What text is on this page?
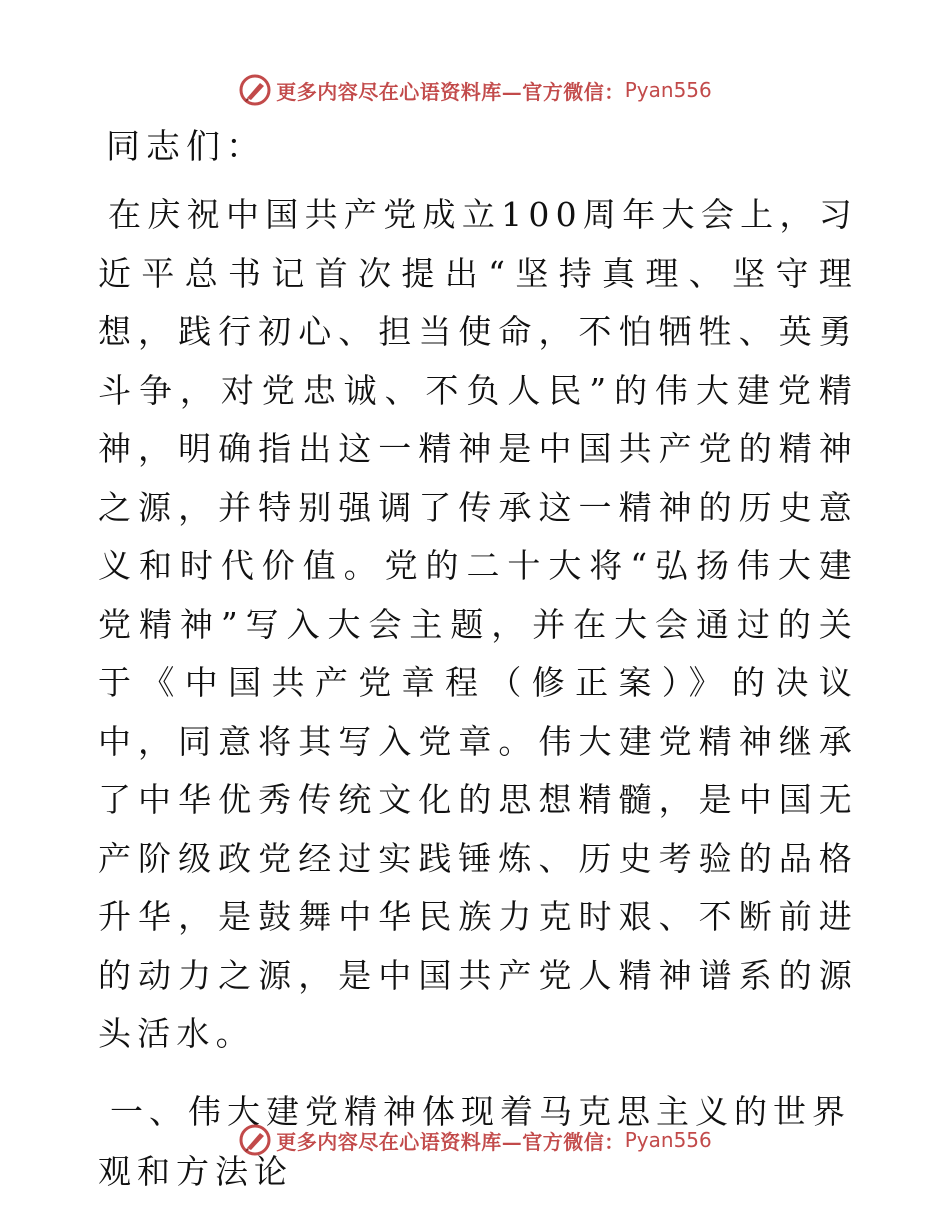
更多内容尽在心语资料库—官方微信： Pyan556

同志们：

在庆祝中国共产党成立100周年大会上，习近平总书记首次提出“坚持真理、坚守理想，践行初心、担当使命，不怕牺牲、英勇斗争，对党忠诚、不负人民”的伟大建党精神，明确指出这一精神是中国共产党的精神之源，并特别强调了传承这一精神的历史意义和时代价值。党的二十大将“弘扬伟大建党精神”写入大会主题，并在大会通过的关于《中国共产党章程（修正案）》的决议中，同意将其写入党章。伟大建党精神继承了中华优秀传统文化的思想精髓，是中国无产阶级政党经过实践锤炼、历史考验的品格升华，是鼓舞中华民族力克时艰、不断前进的动力之源，是中国共产党人精神谱系的源头活水。

一、伟大建党精神体现着马克思主义的世界观和方法论

更多内容尽在心语资料库—官方微信： Pyan556
